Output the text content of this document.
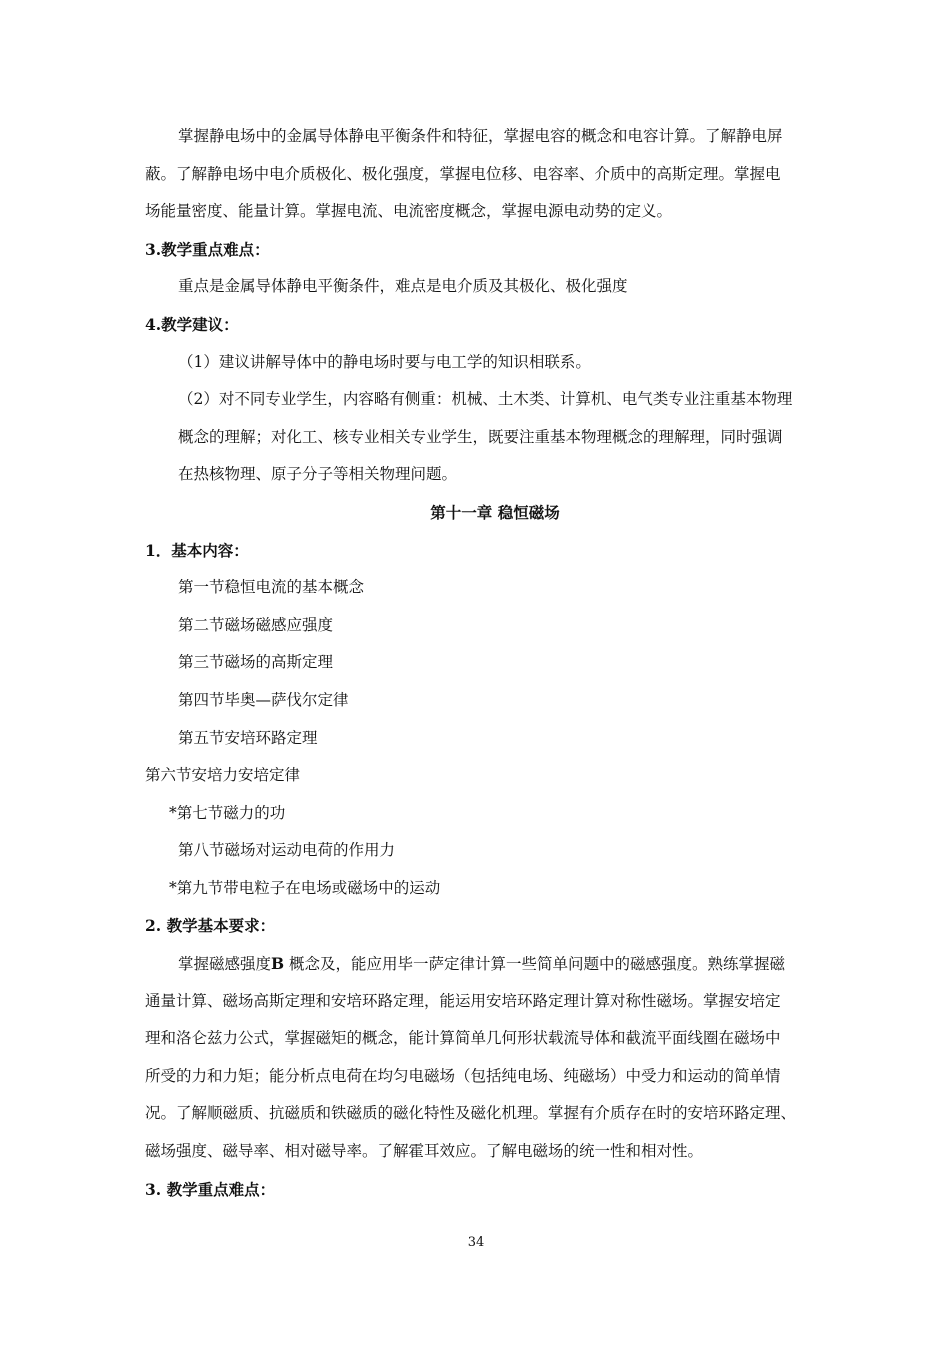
掌握静电场中的金属导体静电平衡条件和特征，掌握电容的概念和电容计算。了解静电屏
蔽。了解静电场中电介质极化、极化强度，掌握电位移、电容率、介质中的高斯定理。掌握电
场能量密度、能量计算。掌握电流、电流密度概念，掌握电源电动势的定义。
3.教学重点难点：
重点是金属导体静电平衡条件，难点是电介质及其极化、极化强度
4.教学建议：
（1）建议讲解导体中的静电场时要与电工学的知识相联系。
（2）对不同专业学生，内容略有侧重：机械、土木类、计算机、电气类专业注重基本物理
概念的理解；对化工、核专业相关专业学生，既要注重基本物理概念的理解理，同时强调
在热核物理、原子分子等相关物理问题。
第十一章 稳恒磁场
1．基本内容：
第一节稳恒电流的基本概念
第二节磁场磁感应强度
第三节磁场的高斯定理
第四节毕奥—萨伐尔定律
第五节安培环路定理
第六节安培力安培定律
*第七节磁力的功
第八节磁场对运动电荷的作用力
*第九节带电粒子在电场或磁场中的运动
2. 教学基本要求：
掌握磁感强度B 概念及，能应用毕一萨定律计算一些简单问题中的磁感强度。熟练掌握磁
通量计算、磁场高斯定理和安培环路定理，能运用安培环路定理计算对称性磁场。掌握安培定
理和洛仑兹力公式，掌握磁矩的概念，能计算简单几何形状载流导体和截流平面线圈在磁场中
所受的力和力矩；能分析点电荷在均匀电磁场（包括纯电场、纯磁场）中受力和运动的简单情
况。了解顺磁质、抗磁质和铁磁质的磁化特性及磁化机理。掌握有介质存在时的安培环路定理、
磁场强度、磁导率、相对磁导率。了解霍耳效应。了解电磁场的统一性和相对性。
3. 教学重点难点：
34
